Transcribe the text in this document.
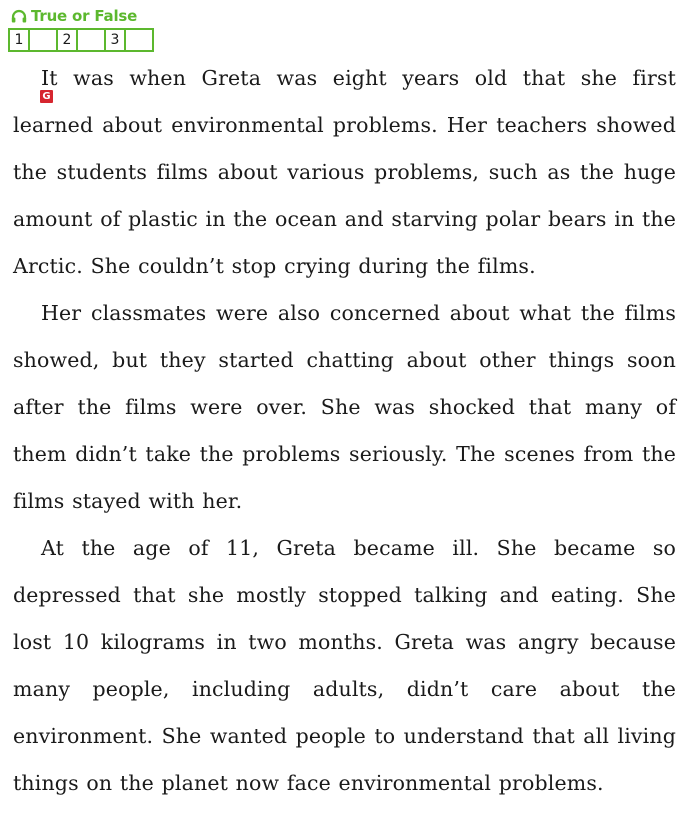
True or False
1	2	3

It was when Greta was eight years old that she first learned about environmental problems. Her teachers showed the students films about various problems, such as the huge amount of plastic in the ocean and starving polar bears in the Arctic. She couldn’t stop crying during the films.

Her classmates were also concerned about what the films showed, but they started chatting about other things soon after the films were over. She was shocked that many of them didn’t take the problems seriously. The scenes from the films stayed with her.

At the age of 11, Greta became ill. She became so depressed that she mostly stopped talking and eating. She lost 10 kilograms in two months. Greta was angry because many people, including adults, didn’t care about the environment. She wanted people to understand that all living things on the planet now face environmental problems.

G
